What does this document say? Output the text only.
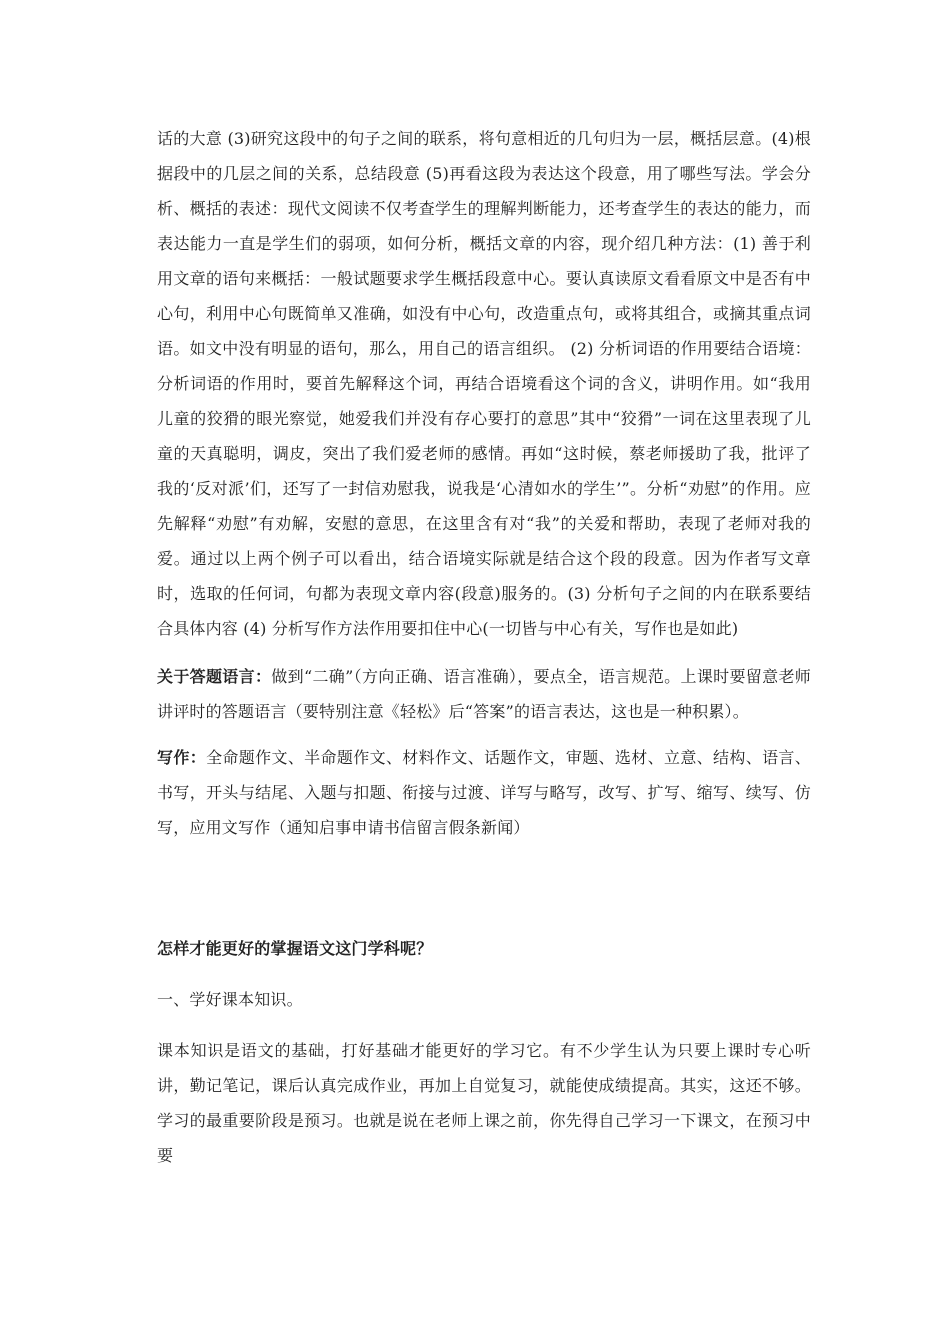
话的大意 (3)研究这段中的句子之间的联系，将句意相近的几句归为一层，概括层意。(4)根据段中的几层之间的关系，总结段意 (5)再看这段为表达这个段意，用了哪些写法。学会分析、概括的表述：现代文阅读不仅考查学生的理解判断能力，还考查学生的表达的能力，而表达能力一直是学生们的弱项，如何分析，概括文章的内容，现介绍几种方法：(1) 善于利用文章的语句来概括：一般试题要求学生概括段意中心。要认真读原文看看原文中是否有中心句，利用中心句既简单又准确，如没有中心句，改造重点句，或将其组合，或摘其重点词语。如文中没有明显的语句，那么，用自己的语言组织。 (2) 分析词语的作用要结合语境：分析词语的作用时，要首先解释这个词，再结合语境看这个词的含义，讲明作用。如“我用儿童的狡猾的眼光察觉，她爱我们并没有存心要打的意思”其中“狡猾”一词在这里表现了儿童的天真聪明，调皮，突出了我们爱老师的感情。再如“这时候，蔡老师援助了我，批评了我的‘反对派’们，还写了一封信劝慰我，说我是‘心清如水的学生’”。分析“劝慰”的作用。应先解释“劝慰”有劝解，安慰的意思，在这里含有对“我”的关爱和帮助，表现了老师对我的爱。通过以上两个例子可以看出，结合语境实际就是结合这个段的段意。因为作者写文章时，选取的任何词，句都为表现文章内容(段意)服务的。(3) 分析句子之间的内在联系要结合具体内容 (4) 分析写作方法作用要扣住中心(一切皆与中心有关，写作也是如此)

关于答题语言：做到“二确”（方向正确、语言准确），要点全，语言规范。上课时要留意老师讲评时的答题语言（要特别注意《轻松》后“答案”的语言表达，这也是一种积累）。

写作：全命题作文、半命题作文、材料作文、话题作文，审题、选材、立意、结构、语言、书写，开头与结尾、入题与扣题、衔接与过渡、详写与略写，改写、扩写、缩写、续写、仿写，应用文写作（通知启事申请书信留言假条新闻）

怎样才能更好的掌握语文这门学科呢？

一、学好课本知识。

课本知识是语文的基础，打好基础才能更好的学习它。有不少学生认为只要上课时专心听讲，勤记笔记，课后认真完成作业，再加上自觉复习，就能使成绩提高。其实，这还不够。学习的最重要阶段是预习。也就是说在老师上课之前，你先得自己学习一下课文，在预习中要
